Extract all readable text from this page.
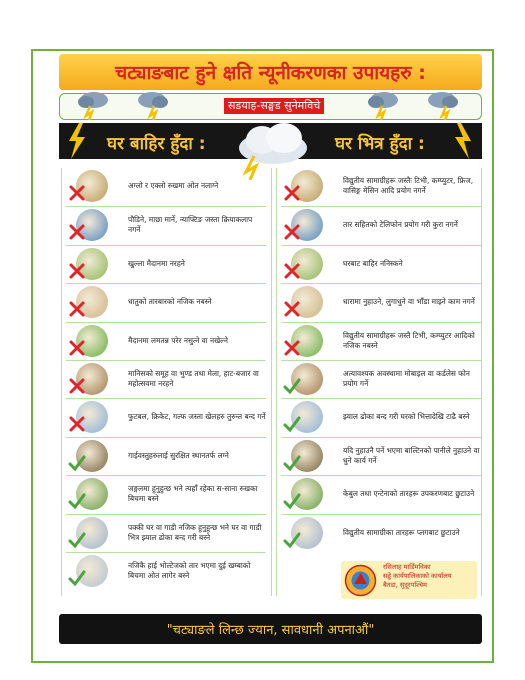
चट्याङबाट हुने क्षति न्यूनीकरणका उपायहरु :
सडयाह-सङ्घड सुनेमविचे
घर बाहिर हुँदा :	घर भित्र हुँदा :
अग्लो र एक्लो रुखमा ओत नलाग्ने
पौडिने, माछा मार्ने, न्याफ्टिङ जस्ता क्रियाकलाप नगर्ने
खुल्ला मैदानमा नरहने
धातुको तारबारको नजिक नबस्ने
मैदानमा लमतन्न परेर नसुत्ने वा नखेल्ने
मानिसको समूह वा भुण्ड तथा मेला, हाट-बजार वा महोत्सवमा नरहने
फुटबल, क्रिकेट, गल्फ जस्ता खेलहरु तुरुन्त बन्द गर्ने
गाईवस्तुहरुलाई सुरक्षित स्थानतर्फ लग्ने
जङ्गलमा हुनुहुन्छ भने त्यहाँ रहेका स-साना रुखका बिचमा बस्ने
पक्की घर वा गाडी नजिक हुनुहुन्छ भने घर वा गाडी भित्र झ्याल ढोका बन्द गरी बस्ने
नजिकै हाई भोल्टेजको तार भएमा दुई खम्बाको बिचमा ओत लागेर बस्ने
विद्युतीय सामाग्रीहरू जस्तैः टिभी, कम्प्युटर, फ्रिज, वासिङ्ग मेसिन आदि प्रयोग नगर्ने
तार सहितको टेलिफोन प्रयोग गरी कुरा नगर्ने
घरबाट बाहिर ननिस्कने
धारामा नुहाउने, लुगाधुने वा भाँडा माझ्ने काम नगर्ने
विद्युतीय सामाग्रीहरू जस्तै टिभी, कम्प्युटर आदिको नजिक नबस्ने
अत्यावश्यक अवस्थामा मोबाइल वा कर्डलेस फोन प्रयोग गर्ने
झ्याल ढोका बन्द गरी घरको भित्तादेखि टाढै बस्ने
यदि नुहाउनै पर्ने भएमा बाल्टिनको पानीले नुहाउने वा धुने कार्य गर्ने
केबुल तथा एन्टेनाको तारहरू उपकरणबाट छुटाउने
विद्युतीय सामाग्रीका तारहरू प्लगबाट छुटाउने
रसिलाह मार्डिमविका
सड्डे कार्यपालिकाको कार्यालय
बैतडा, सुदूरपश्चिम
"चट्याङले लिन्छ ज्यान, सावधानी अपनाऔं"
